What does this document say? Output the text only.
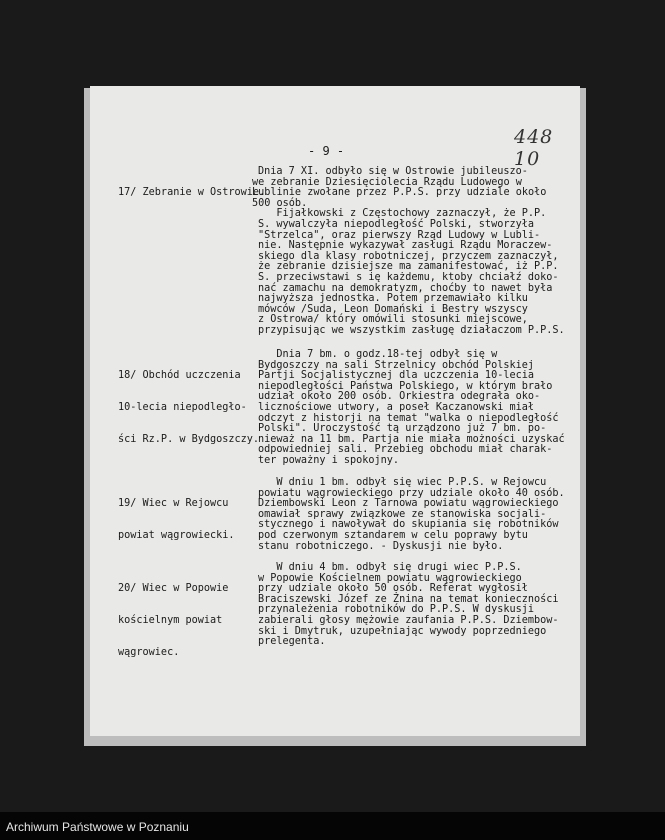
- 9 -
448 10

17/ Zebranie w Ostrowie.

Dnia 7 XI. odbyło się w Ostrowie jubileuszo-
we zebranie Dziesięciolecia Rządu Ludowego w
Lublinie zwołane przez P.P.S. przy udziale około
500 osób.
Fijałkowski z Częstochowy zaznaczył, że P.P.
S. wywalczyła niepodległość Polski, stworzyła
"Strzelca", oraz pierwszy Rząd Ludowy w Lubli-
nie. Następnie wykazywał zasługi Rządu Moraczew-
skiego dla klasy robotniczej, przyczem zaznaczył,
że zebranie dzisiejsze ma zamanifestować, iż P.P.
S. przeciwstawi s ię każdemu, ktoby chciałź doko-
nać zamachu na demokratyzm, choćby to nawet była
najwyższa jednostka. Potem przemawiało kilku
mówców /Suda, Leon Domański i Bestry wszyscy
z Ostrowa/ który omówili stosunki miejscowe,
przypisując we wszystkim zasługę działaczom P.P.S.

18/ Obchód uczczenia

10-lecia niepodległo-

ści Rz.P. w Bydgoszczy.

Dnia 7 bm. o godz.18-tej odbył się w
Bydgoszczy na sali Strzelnicy obchód Polskiej
Partji Socjalistycznej dla uczczenia 10-lecia
niepodległości Państwa Polskiego, w którym brało
udział około 200 osób. Orkiestra odegrała oko-
licznościowe utwory, a poseł Kaczanowski miał
odczyt z historji na temat "walka o niepodległość
Polski". Uroczystość tą urządzono już 7 bm. po-
nieważ na 11 bm. Partja nie miała możności uzyskać
odpowiedniej sali. Przebieg obchodu miał charak-
ter poważny i spokojny.

19/ Wiec w Rejowcu

powiat wągrowiecki.

W dniu 1 bm. odbył się wiec P.P.S. w Rejowcu
powiatu wągrowieckiego przy udziale około 40 osób.
Dziembowski Leon z Tarnowa powiatu wągrowieckiego
omawiał sprawy związkowe ze stanowiska socjali-
stycznego i nawoływał do skupiania się robotników
pod czerwonym sztandarem w celu poprawy bytu
stanu robotniczego. - Dyskusji nie było.

20/ Wiec w Popowie

kościelnym powiat

wągrowiec.

W dniu 4 bm. odbył się drugi wiec P.P.S.
w Popowie Kościelnem powiatu wągrowieckiego
przy udziale około 50 osób. Referat wygłosił
Braciszewski Józef ze Żnina na temat konieczności
przynależenia robotników do P.P.S. W dyskusji
zabierali głosy mężowie zaufania P.P.S. Dziembow-
ski i Dmytruk, uzupełniając wywody poprzedniego
prelegenta.
Archiwum Państwowe w Poznaniu
